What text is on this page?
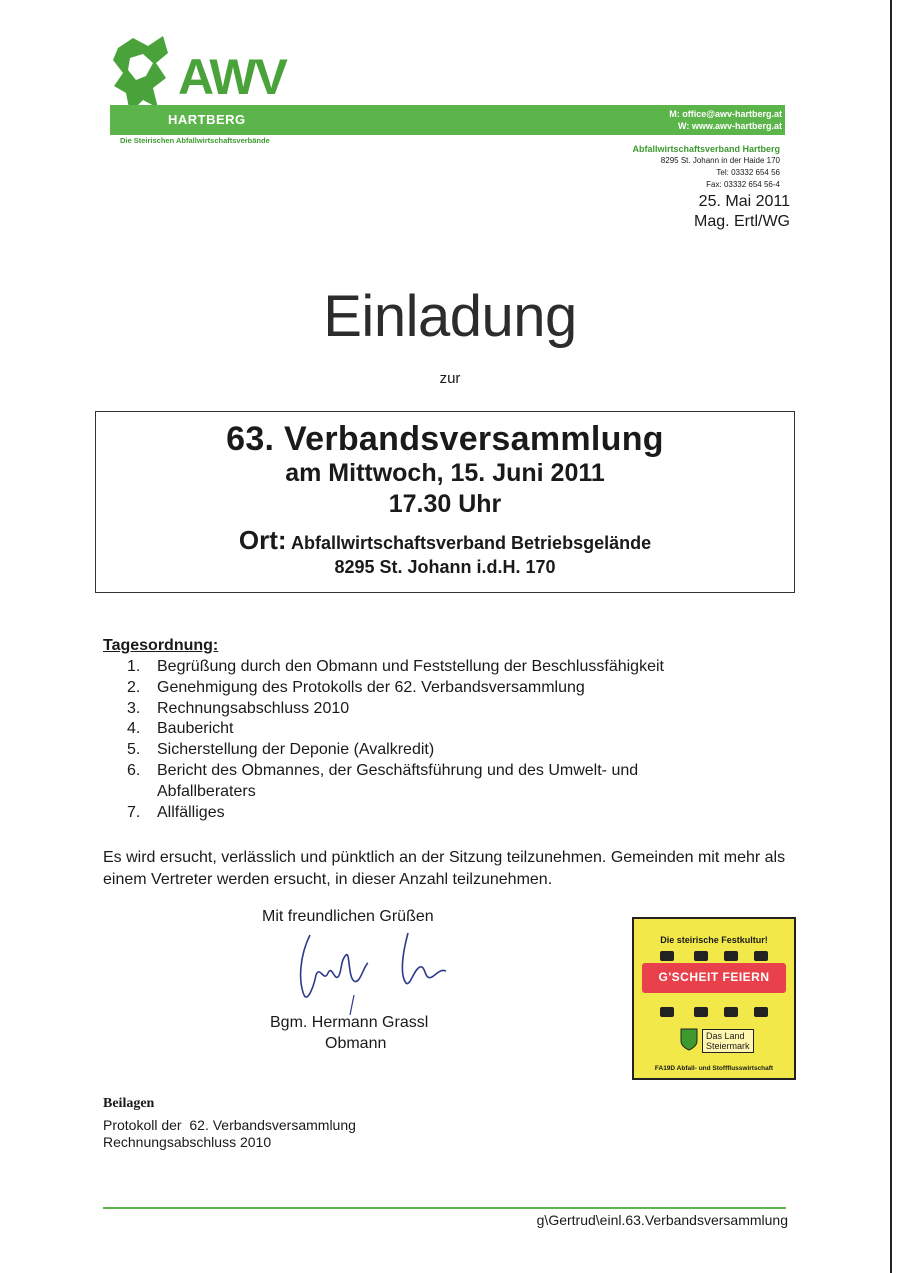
AWV
HARTBERG	M: office@awv-hartberg.at
W: www.awv-hartberg.at
Die Steirischen Abfallwirtschaftsverbände
Abfallwirtschaftsverband Hartberg
8295 St. Johann in der Haide 170
Tel: 03332 654 56
Fax: 03332 654 56-4
25. Mai 2011
Mag. Ertl/WG
Einladung
zur
63. Verbandsversammlung
am Mittwoch, 15. Juni 2011
17.30 Uhr
Ort: Abfallwirtschaftsverband Betriebsgelände
8295 St. Johann i.d.H. 170
Tagesordnung:
1.	Begrüßung durch den Obmann und Feststellung der Beschlussfähigkeit
2.	Genehmigung des Protokolls der 62. Verbandsversammlung
3.	Rechnungsabschluss 2010
4.	Baubericht
5.	Sicherstellung der Deponie (Avalkredit)
6.	Bericht des Obmannes, der Geschäftsführung und des Umwelt- und Abfallberaters
7.	Allfälliges
Es wird ersucht, verlässlich und pünktlich an der Sitzung teilzunehmen. Gemeinden mit mehr als einem Vertreter werden ersucht, in dieser Anzahl teilzunehmen.
Mit freundlichen Grüßen
Bgm. Hermann Grassl
Obmann
Die steirische Festkultur!
G'SCHEIT FEIERN
Das Land
Steiermark
FA19D Abfall- und Stoffflusswirtschaft
Beilagen
Protokoll der  62. Verbandsversammlung
Rechnungsabschluss 2010
g\Gertrud\einl.63.Verbandsversammlung
